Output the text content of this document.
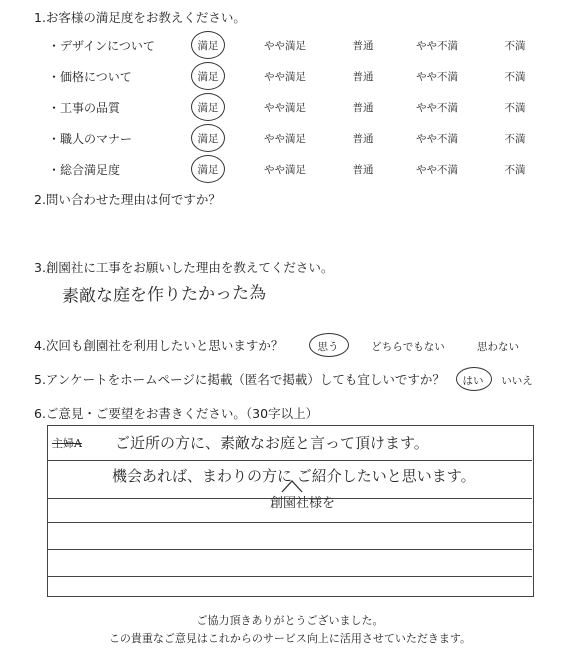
1.お客様の満足度をお教えください。
・デザインについて	満足	やや満足	普通	やや不満	不満
・価格について	満足	やや満足	普通	やや不満	不満
・工事の品質	満足	やや満足	普通	やや不満	不満
・職人のマナー	満足	やや満足	普通	やや不満	不満
・総合満足度	満足	やや満足	普通	やや不満	不満
2.問い合わせた理由は何ですか？
3.創園社に工事をお願いした理由を教えてください。
素敵な庭を作りたかった為
4.次回も創園社を利用したいと思いますか？	思う	どちらでもない	思わない
5.アンケートをホームページに掲載（匿名で掲載）しても宜しいですか？	はい	いいえ
6.ご意見・ご要望をお書きください。（30字以上）
主婦A ご近所の方に、素敵なお庭と言って頂けます。
機会あれば、まわりの方に ご紹介したいと思います。
創園社様を
ご協力頂きありがとうございました。
この貴重なご意見はこれからのサービス向上に活用させていただきます。
